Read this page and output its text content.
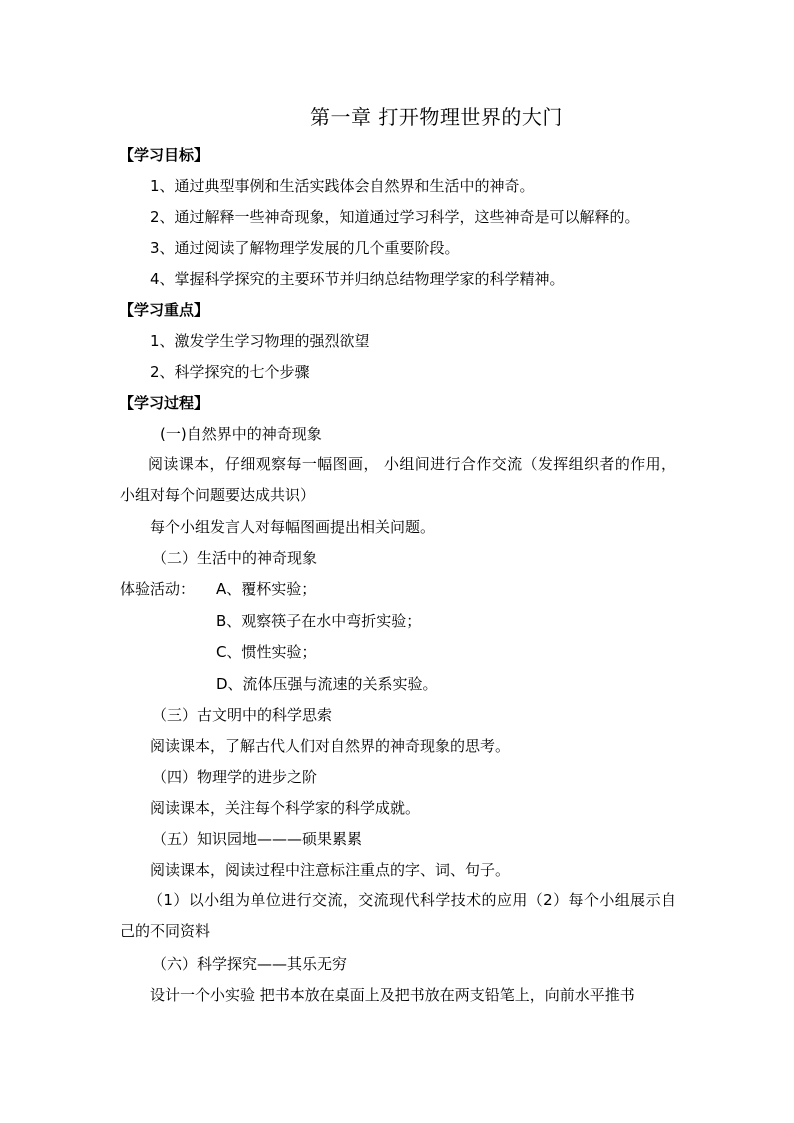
第一章 打开物理世界的大门
【学习目标】
1、通过典型事例和生活实践体会自然界和生活中的神奇。
2、通过解释一些神奇现象，知道通过学习科学，这些神奇是可以解释的。
3、通过阅读了解物理学发展的几个重要阶段。
4、掌握科学探究的主要环节并归纳总结物理学家的科学精神。
【学习重点】
1、激发学生学习物理的强烈欲望
2、科学探究的七个步骤
【学习过程】
(一)自然界中的神奇现象
阅读课本，仔细观察每一幅图画， 小组间进行合作交流（发挥组织者的作用，小组对每个问题要达成共识）
每个小组发言人对每幅图画提出相关问题。
（二）生活中的神奇现象
体验活动： A、覆杯实验；
B、观察筷子在水中弯折实验；
C、惯性实验；
D、流体压强与流速的关系实验。
（三）古文明中的科学思索
阅读课本，了解古代人们对自然界的神奇现象的思考。
（四）物理学的进步之阶
阅读课本，关注每个科学家的科学成就。
（五）知识园地———硕果累累
阅读课本，阅读过程中注意标注重点的字、词、句子。
（1）以小组为单位进行交流，交流现代科学技术的应用（2）每个小组展示自己的不同资料
（六）科学探究——其乐无穷
设计一个小实验 把书本放在桌面上及把书放在两支铅笔上，向前水平推书
